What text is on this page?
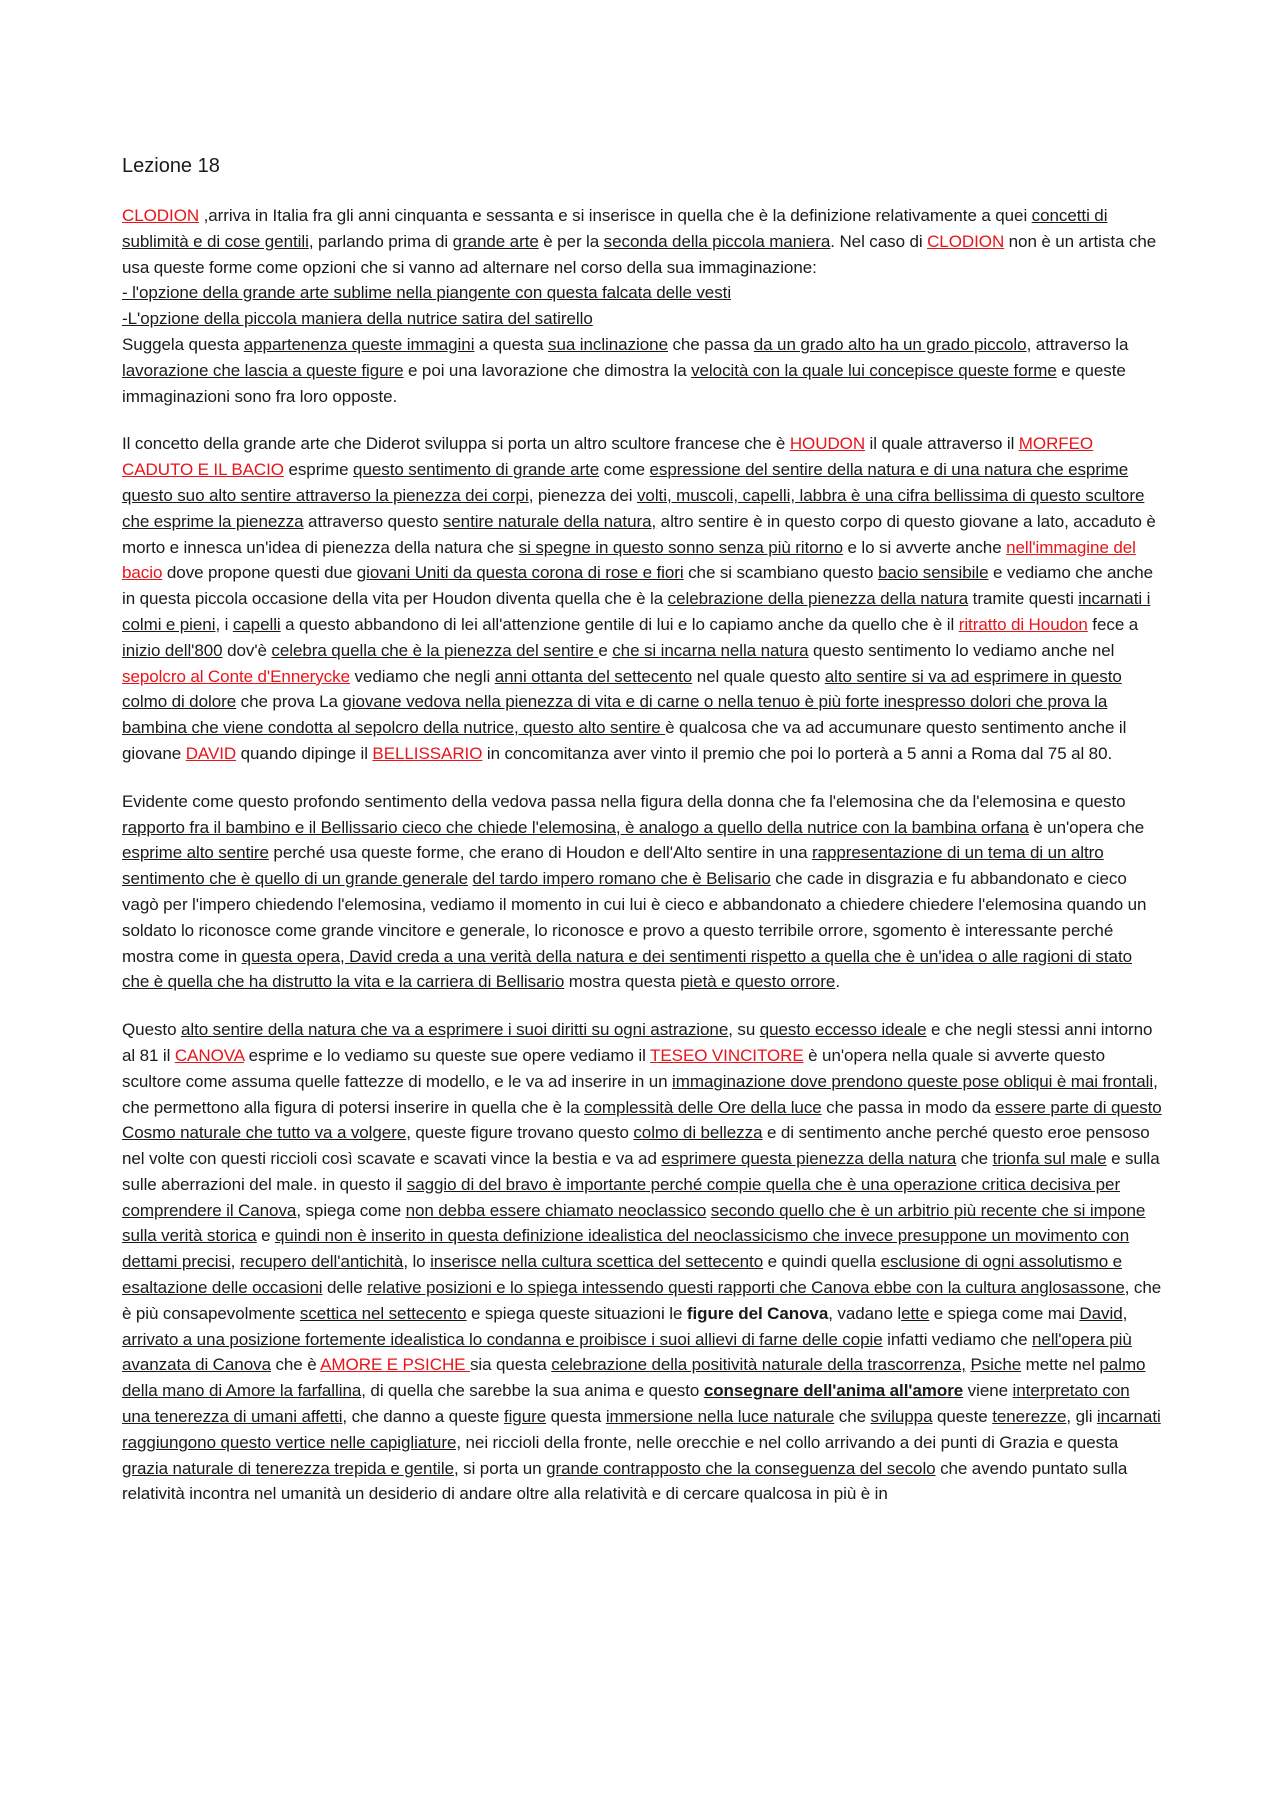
Lezione 18

CLODION ,arriva in Italia fra gli anni cinquanta e sessanta e si inserisce in quella che è la definizione relativamente a quei concetti di sublimità e di cose gentili, parlando prima di grande arte è per la seconda della piccola maniera. Nel caso di CLODION non è un artista che usa queste forme come opzioni che si vanno ad alternare nel corso della sua immaginazione:
- l'opzione della grande arte sublime nella piangente con questa falcata delle vesti
-L'opzione della piccola maniera della nutrice satira del satirello
Suggela questa appartenenza queste immagini a questa sua inclinazione che passa da un grado alto ha un grado piccolo, attraverso la lavorazione che lascia a queste figure e poi una lavorazione che dimostra la velocità con la quale lui concepisce queste forme e queste immaginazioni sono fra loro opposte.

Il concetto della grande arte che Diderot sviluppa si porta un altro scultore francese che è HOUDON il quale attraverso il MORFEO CADUTO E IL BACIO esprime questo sentimento di grande arte come espressione del sentire della natura e di una natura che esprime questo suo alto sentire attraverso la pienezza dei corpi, pienezza dei volti, muscoli, capelli, labbra è una cifra bellissima di questo scultore che esprime la pienezza attraverso questo sentire naturale della natura, altro sentire è in questo corpo di questo giovane a lato, accaduto è morto e innesca un'idea di pienezza della natura che si spegne in questo sonno senza più ritorno e lo si avverte anche nell'immagine del bacio dove propone questi due giovani Uniti da questa corona di rose e fiori che si scambiano questo bacio sensibile e vediamo che anche in questa piccola occasione della vita per Houdon diventa quella che è la celebrazione della pienezza della natura tramite questi incarnati i colmi e pieni, i capelli a questo abbandono di lei all'attenzione gentile di lui e lo capiamo anche da quello che è il ritratto di Houdon fece a inizio dell'800 dov'è celebra quella che è la pienezza del sentire e che si incarna nella natura questo sentimento lo vediamo anche nel sepolcro al Conte d'Ennerycke vediamo che negli anni ottanta del settecento nel quale questo alto sentire si va ad esprimere in questo colmo di dolore che prova La giovane vedova nella pienezza di vita e di carne o nella tenuo è più forte inespresso dolori che prova la bambina che viene condotta al sepolcro della nutrice, questo alto sentire è qualcosa che va ad accumunare questo sentimento anche il giovane DAVID quando dipinge il BELLISSARIO in concomitanza aver vinto il premio che poi lo porterà a 5 anni a Roma dal 75 al 80.

Evidente come questo profondo sentimento della vedova passa nella figura della donna che fa l'elemosina che da l'elemosina e questo rapporto fra il bambino e il Bellissario cieco che chiede l'elemosina, è analogo a quello della nutrice con la bambina orfana è un'opera che esprime alto sentire perché usa queste forme, che erano di Houdon e dell'Alto sentire in una rappresentazione di un tema di un altro sentimento che è quello di un grande generale del tardo impero romano che è Belisario che cade in disgrazia e fu abbandonato e cieco vagò per l'impero chiedendo l'elemosina, vediamo il momento in cui lui è cieco e abbandonato a chiedere chiedere l'elemosina quando un soldato lo riconosce come grande vincitore e generale, lo riconosce e provo a questo terribile orrore, sgomento è interessante perché mostra come in questa opera, David creda a una verità della natura e dei sentimenti rispetto a quella che è un'idea o alle ragioni di stato che è quella che ha distrutto la vita e la carriera di Bellisario mostra questa pietà e questo orrore.

Questo alto sentire della natura che va a esprimere i suoi diritti su ogni astrazione, su questo eccesso ideale e che negli stessi anni intorno al 81 il CANOVA esprime e lo vediamo su queste sue opere vediamo il TESEO VINCITORE è un'opera nella quale si avverte questo scultore come assuma quelle fattezze di modello, e le va ad inserire in un immaginazione dove prendono queste pose obliqui è mai frontali, che permettono alla figura di potersi inserire in quella che è la complessità delle Ore della luce che passa in modo da essere parte di questo Cosmo naturale che tutto va a volgere, queste figure trovano questo colmo di bellezza e di sentimento anche perché questo eroe pensoso nel volte con questi riccioli così scavate e scavati vince la bestia e va ad esprimere questa pienezza della natura che trionfa sul male e sulla sulle aberrazioni del male. in questo il saggio di del bravo è importante perché compie quella che è una operazione critica decisiva per comprendere il Canova, spiega come non debba essere chiamato neoclassico secondo quello che è un arbitrio più recente che si impone sulla verità storica e quindi non è inserito in questa definizione idealistica del neoclassicismo che invece presuppone un movimento con dettami precisi, recupero dell'antichità, lo inserisce nella cultura scettica del settecento e quindi quella esclusione di ogni assolutismo e esaltazione delle occasioni delle relative posizioni e lo spiega intessendo questi rapporti che Canova ebbe con la cultura anglosassone, che è più consapevolmente scettica nel settecento e spiega queste situazioni le figure del Canova, vadano lette e spiega come mai David, arrivato a una posizione fortemente idealistica lo condanna e proibisce i suoi allievi di farne delle copie infatti vediamo che nell'opera più avanzata di Canova che è AMORE E PSICHE sia questa celebrazione della positività naturale della trascorrenza, Psiche mette nel palmo della mano di Amore la farfallina, di quella che sarebbe la sua anima e questo consegnare dell'anima all'amore viene interpretato con una tenerezza di umani affetti, che danno a queste figure questa immersione nella luce naturale che sviluppa queste tenerezze, gli incarnati raggiungono questo vertice nelle capigliature, nei riccioli della fronte, nelle orecchie e nel collo arrivando a dei punti di Grazia e questa grazia naturale di tenerezza trepida e gentile, si porta un grande contrapposto che la conseguenza del secolo che avendo puntato sulla relatività incontra nel umanità un desiderio di andare oltre alla relatività e di cercare qualcosa in più è in
